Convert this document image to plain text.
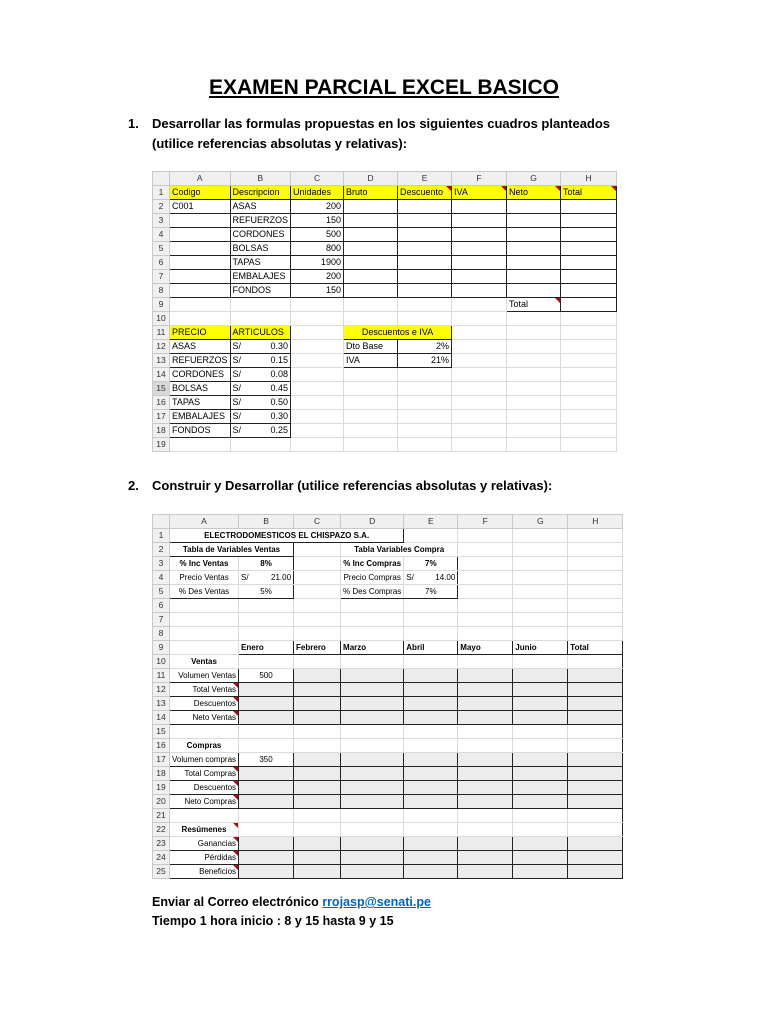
EXAMEN PARCIAL EXCEL BASICO
1. Desarrollar las formulas propuestas en los siguientes cuadros planteados (utilice referencias absolutas y relativas):
	A	B	C	D	E	F	G	H
1	Codigo	Descripcion	Unidades	Bruto	Descuento	IVA	Neto	Total
2	C001	ASAS	200					
3		REFUERZOS	150					
4		CORDONES	500					
5		BOLSAS	800					
6		TAPAS	1900					
7		EMBALAJES	200					
8		FONDOS	150					
9							Total	
10								
11	PRECIO	ARTICULOS		Descuentos e IVA				
12	ASAS	S/ 0.30		Dto Base	2%			
13	REFUERZOS	S/ 0.15		IVA	21%			
14	CORDONES	S/ 0.08						

15	BOLSAS	S/ 0.45						

16	TAPAS	S/ 0.50						

17	EMBALAJES	S/ 0.30						

18	FONDOS	S/ 0.25						

19								
2. Construir y Desarrollar (utilice referencias absolutas y relativas):
	A	B	C	D	E	F	G	H
1	ELECTRODOMESTICOS EL CHISPAZO S.A.							
2	Tabla de Variables Ventas			Tabla Variables Compra				
3	% Inc Ventas	8%		% Inc Compras	7%			
4	Precio Ventas	S/ 21.00		Precio Compras	S/ 14.00			

5	% Des Ventas	5%		% Des Compras	7%			
6								
7								
8								
9		Enero	Febrero	Marzo	Abril	Mayo	Junio	Total
10	Ventas							
11	Volumen Ventas	500						
12	Total Ventas							
13	Descuentos							
14	Neto Ventas							
15								
16	Compras							
17	Volumen compras	350						
18	Total Compras							
19	Descuentos							
20	Neto Compras							
21								
22	Resúmenes							
23	Ganancias							
24	Pérdidas							
25	Beneficios							
Enviar al Correo electrónico rrojasp@senati.pe
Tiempo 1 hora inicio : 8 y 15 hasta 9 y 15
